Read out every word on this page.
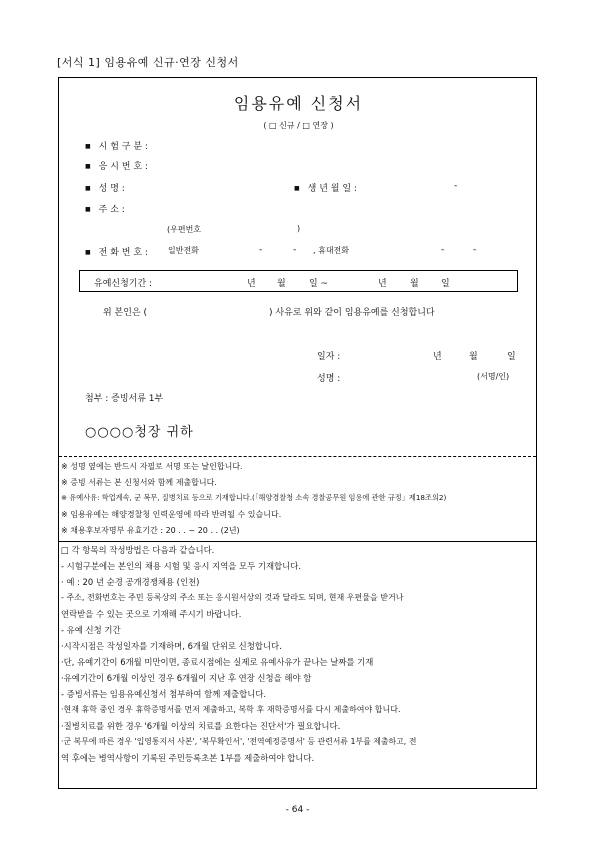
[서식 1] 임용유예 신규·연장 신청서
임용유예 신청서
( □ 신규 / □ 연장 )
■ 시 험 구 분 :
■ 응 시 번 호 :
■ 성 명 :
■	생 년 월 일 :	-
■ 주 소 :
(우편번호	)
■ 전 화 번 호 :	일반전화	-	- , 휴대전화	-	-
유예신청기간 :	년 월	일 ~	년	월 일
위 본인은 (	) 사유로 위와 같이 임용유예를 신청합니다
일자 :	년	월	일
성명 :	(서명/인)
첨부 : 증빙서류 1부
○○○○청장 귀하
※ 성명 옆에는 반드시 자필로 서명 또는 날인합니다.
※ 증빙 서류는 본 신청서와 함께 제출합니다.
※ 유예사유: 학업계속, 군 복무, 질병치료 등으로 기재합니다.(「해양경찰청 소속 경찰공무원 임용에 관한 규정」제18조의2)
※ 임용유예는 해양경찰청 인력운영에 따라 반려될 수 있습니다.
※ 채용후보자명부 유효기간 : 20 . . ~ 20 . . (2년)
□ 각 항목의 작성방법은 다음과 같습니다.
- 시험구분에는 본인의 채용 시험 및 응시 지역을 모두 기재합니다.
· 예 : 20 년 순경 공개경쟁채용 (인천)
- 주소, 전화번호는 주민 등록상의 주소 또는 응시원서상의 것과 달라도 되며, 현재 우편물을 받거나
연락받을 수 있는 곳으로 기재해 주시기 바랍니다.
- 유예 신청 기간
·시작시점은 작성일자를 기재하며, 6개월 단위로 신청합니다.
·단, 유예기간이 6개월 미만이면, 종료시점에는 실제로 유예사유가 끝나는 날짜를 기재
·유예기간이 6개월 이상인 경우 6개월이 지난 후 연장 신청을 해야 함
- 증빙서류는 임용유예신청서 첨부하여 함께 제출합니다.
·현재 휴학 중인 경우 휴학증명서를 먼저 제출하고, 복학 후 재학증명서를 다시 제출하여야 합니다.
·질병치료를 위한 경우 '6개월 이상의 치료를 요한다는 진단서'가 필요합니다.
·군 복무에 따른 경우 '입영통지서 사본', '복무확인서', '전역예정증명서' 등 관련서류 1부를 제출하고, 전
역 후에는 병역사항이 기록된 주민등록초본 1부를 제출하여야 합니다.
- 64 -
